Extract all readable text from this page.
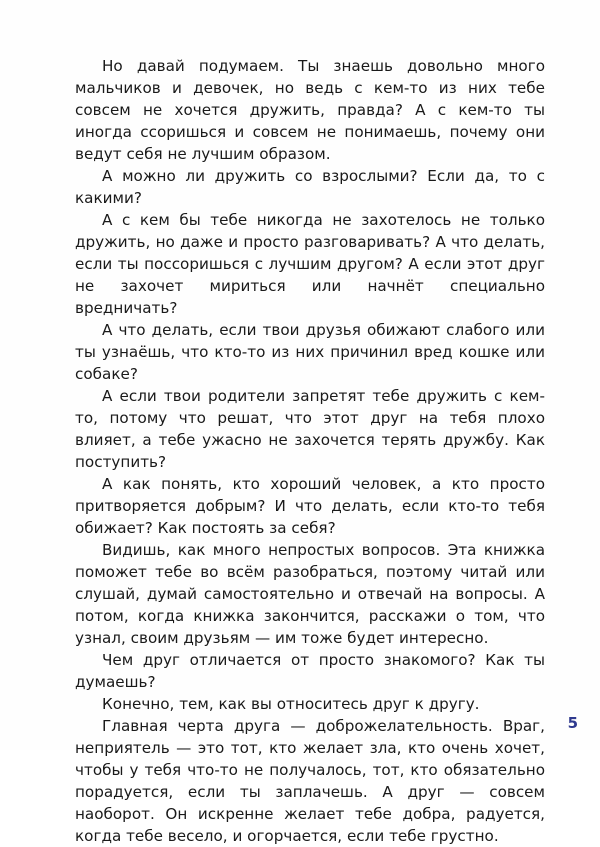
Но давай подумаем. Ты знаешь довольно много мальчиков и девочек, но ведь с кем-то из них тебе совсем не хочется дружить, правда? А с кем-то ты иногда ссоришься и совсем не понимаешь, почему они ведут себя не лучшим образом.

А можно ли дружить со взрослыми? Если да, то с какими?

А с кем бы тебе никогда не захотелось не только дружить, но даже и просто разговаривать? А что делать, если ты поссоришься с лучшим другом? А если этот друг не захочет мириться или начнёт специально вредничать?

А что делать, если твои друзья обижают слабого или ты узнаёшь, что кто-то из них причинил вред кошке или собаке?

А если твои родители запретят тебе дружить с кем-то, потому что решат, что этот друг на тебя плохо влияет, а тебе ужасно не захочется терять дружбу. Как поступить?

А как понять, кто хороший человек, а кто просто притворяется добрым? И что делать, если кто-то тебя обижает? Как постоять за себя?

Видишь, как много непростых вопросов. Эта книжка поможет тебе во всём разобраться, поэтому читай или слушай, думай самостоятельно и отвечай на вопросы. А потом, когда книжка закончится, расскажи о том, что узнал, своим друзьям — им тоже будет интересно.

Чем друг отличается от просто знакомого? Как ты думаешь?

Конечно, тем, как вы относитесь друг к другу.

Главная черта друга — доброжелательность. Враг, неприятель — это тот, кто желает зла, кто очень хочет, чтобы у тебя что-то не получалось, тот, кто обязательно порадуется, если ты заплачешь. А друг — совсем наоборот. Он искренне желает тебе добра, радуется, когда тебе весело, и огорчается, если тебе грустно.

5
